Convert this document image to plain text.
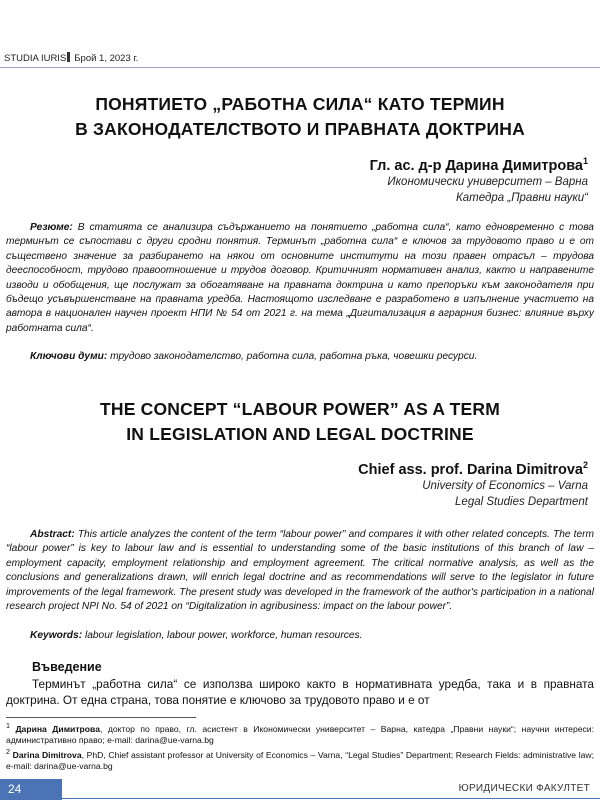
STUDIA IURIS Брой 1, 2023 г.
ПОНЯТИЕТО „РАБОТНА СИЛА“ КАТО ТЕРМИН
В ЗАКОНОДАТЕЛСТВОТО И ПРАВНАТА ДОКТРИНА
Гл. ас. д-р Дарина Димитрова$^1$
Икономически университет – Варна
Катедра „Правни науки“
Резюме: В статията се анализира съдържанието на понятието „работна сила“, като едновременно с това терминът се съпостави с други сродни понятия. Терминът „работна сила“ е ключов за трудовото право и е от съществено значение за разбирането на някои от основните институти на този правен отрасъл – трудова дееспособност, трудово правоотношение и трудов договор. Критичният нормативен анализ, както и направените изводи и обобщения, ще послужат за обогатяване на правната доктрина и като препоръки към законодателя при бъдещо усъвършенстване на правната уредба. Настоящото изследване е разработено в изпълнение участието на автора в национален научен проект НПИ № 54 от 2021 г. на тема „Дигитализация в аграрния бизнес: влияние върху работната сила“.
Ключови думи: трудово законодателство, работна сила, работна ръка, човешки ресурси.
THE CONCEPT “LABOUR POWER” AS A TERM
IN LEGISLATION AND LEGAL DOCTRINE
Chief ass. prof. Darina Dimitrova$^2$
University of Economics – Varna
Legal Studies Department
Abstract: This article analyzes the content of the term “labour power” and compares it with other related concepts. The term “labour power” is key to labour law and is essential to understanding some of the basic institutions of this branch of law – employment capacity, employment relationship and employment agreement. The critical normative analysis, as well as the conclusions and generalizations drawn, will enrich legal doctrine and as recommendations will serve to the legislator in future improvements of the legal framework. The present study was developed in the framework of the author's participation in a national research project NPI No. 54 of 2021 on “Digitalization in agribusiness: impact on the labour power”.
Keywords: labour legislation, labour power, workforce, human resources.
Въведение
Терминът „работна сила“ се използва широко както в нормативната уредба, така и в правната доктрина. От една страна, това понятие е ключово за трудовото право и е от

$^1$ Дарина Димитрова, доктор по право, гл. асистент в Икономически университет – Варна, катедра „Правни науки“; научни интереси: административно право; e-mail: darina@ue-varna.bg

$^2$ Darina Dimitrova, PhD, Chief assistant professor at University of Economics – Varna, “Legal Studies” Department; Research Fields: administrative law; e-mail: darina@ue-varna.bg

24	ЮРИДИЧЕСКИ ФАКУЛТЕТ
